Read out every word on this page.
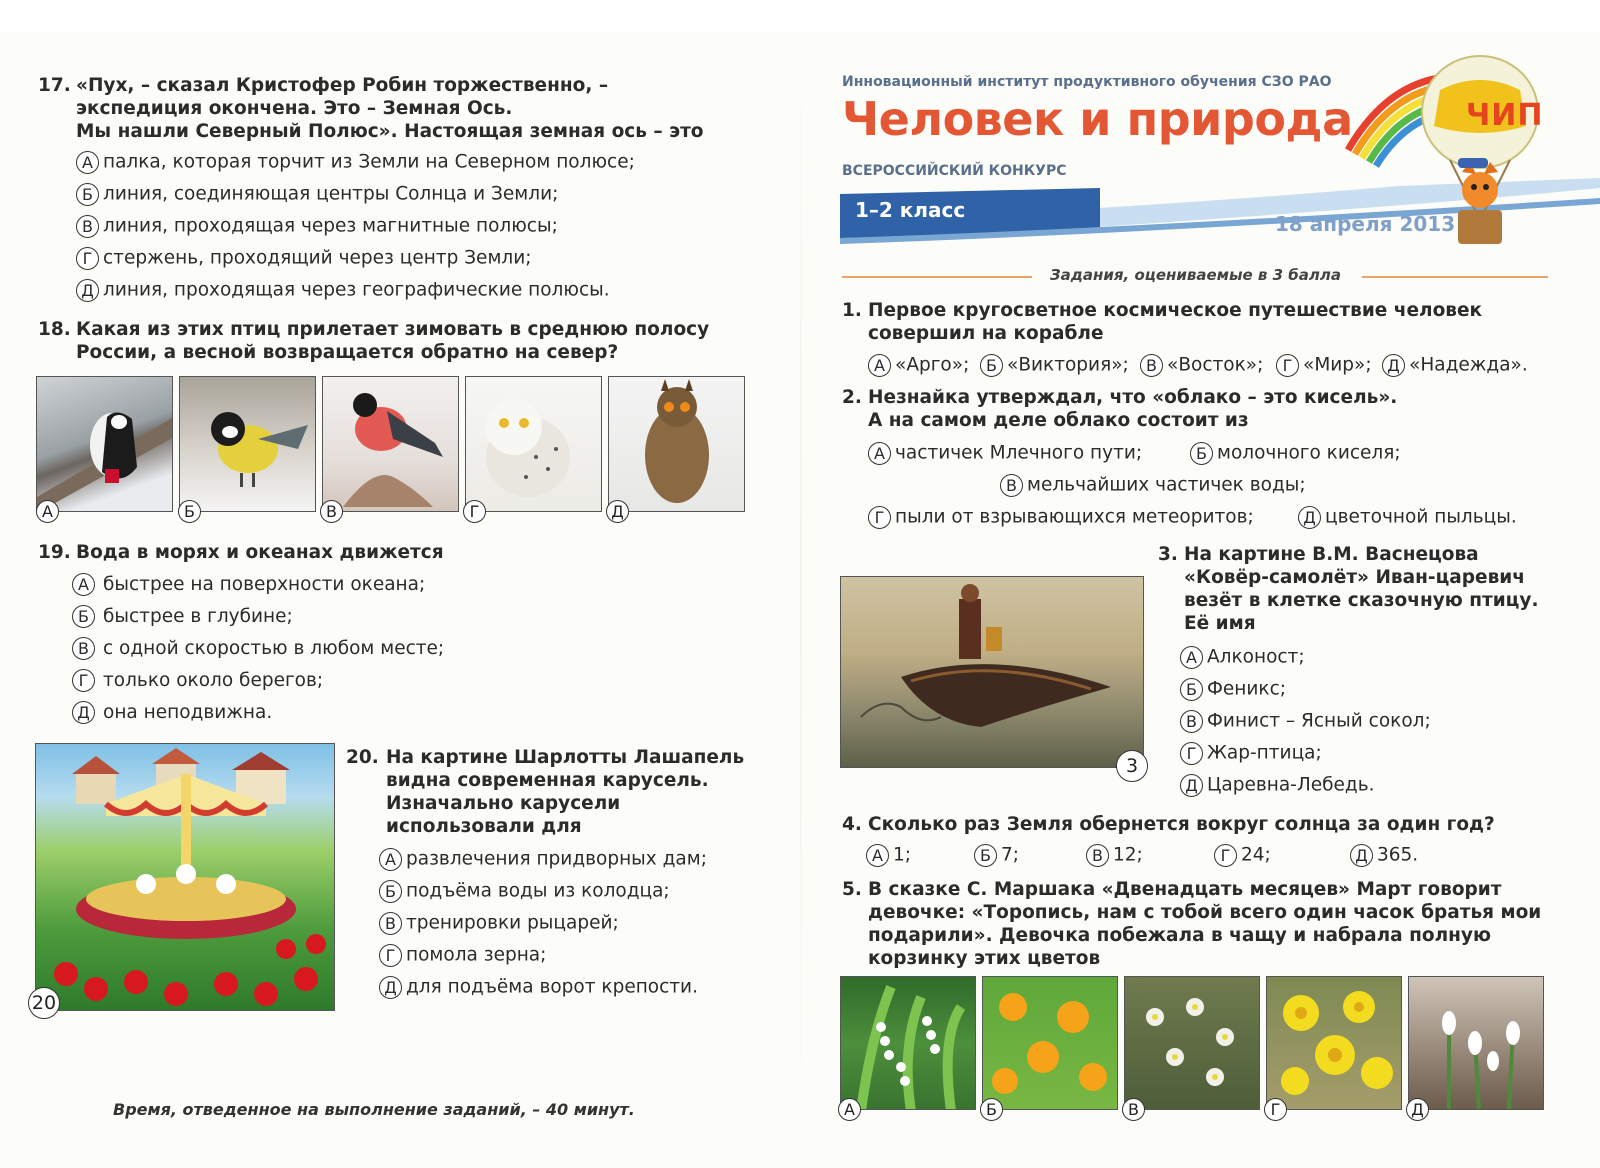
17. «Пух, – сказал Кристофер Робин торжественно, –
экспедиция окончена. Это – Земная Ось.
Мы нашли Северный Полюс». Настоящая земная ось – это
А палка, которая торчит из Земли на Северном полюсе;
Б линия, соединяющая центры Солнца и Земли;
В линия, проходящая через магнитные полюсы;
Г стержень, проходящий через центр Земли;
Д линия, проходящая через географические полюсы.
18. Какая из этих птиц прилетает зимовать в среднюю полосу
России, а весной возвращается обратно на север?
А	Б	В	Г	Д
19. Вода в морях и океанах движется
А быстрее на поверхности океана;
Б быстрее в глубине;
В с одной скоростью в любом месте;
Г только около берегов;
Д она неподвижна.
20
20. На картине Шарлотты Лашапель
видна современная карусель.
Изначально карусели
использовали для
А развлечения придворных дам;
Б подъёма воды из колодца;
В тренировки рыцарей;
Г помола зерна;
Д для подъёма ворот крепости.
Время, отведенное на выполнение заданий, – 40 минут.
Инновационный институт продуктивного обучения СЗО РАО
Человек и природа
ВСЕРОССИЙСКИЙ КОНКУРС
1–2 класс
18 апреля 2013
ЧИП
Задания, оцениваемые в 3 балла
1. Первое кругосветное космическое путешествие человек
совершил на корабле
А «Арго»;	Б «Виктория»;	В «Восток»;	Г «Мир»; Д «Надежда».
2. Незнайка утверждал, что «облако – это кисель».
А на самом деле облако состоит из
А частичек Млечного пути;	Б молочного киселя;
В мельчайших частичек воды;
Г пыли от взрывающихся метеоритов;	Д цветочной пыльцы.
3
3. На картине В.М. Васнецова
«Ковёр-самолёт» Иван-царевич
везёт в клетке сказочную птицу.
Её имя
А Алконост;
Б Феникс;
В Финист – Ясный сокол;
Г Жар-птица;
Д Царевна-Лебедь.
4. Сколько раз Земля обернется вокруг солнца за один год?
А 1;	Б 7;	В 12;	Г 24;	Д 365.
5. В сказке С. Маршака «Двенадцать месяцев» Март говорит
девочке: «Торопись, нам с тобой всего один часок братья мои
подарили». Девочка побежала в чащу и набрала полную
корзинку этих цветов
А	Б	В	Г	Д
